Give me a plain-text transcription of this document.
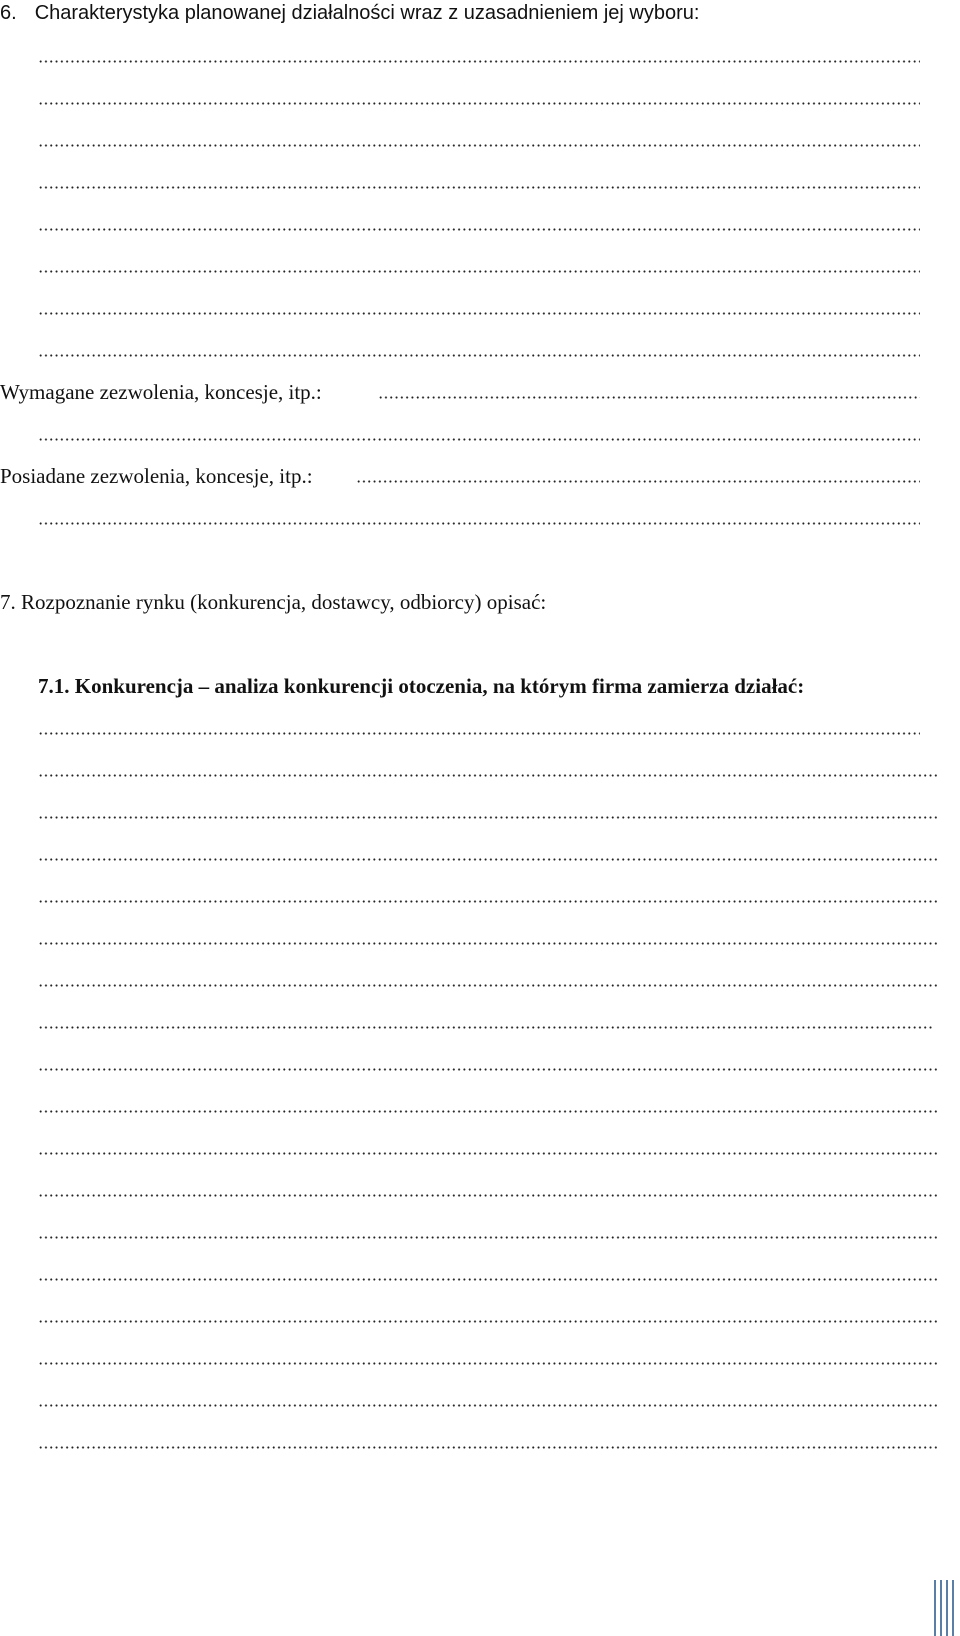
6. Charakterystyka planowanej działalności wraz z uzasadnieniem jej wyboru:
Wymagane zezwolenia, koncesje, itp.:
Posiadane zezwolenia, koncesje, itp.:
7. Rozpoznanie rynku (konkurencja, dostawcy, odbiorcy) opisać:
7.1. Konkurencja – analiza konkurencji otoczenia, na którym firma zamierza działać:
